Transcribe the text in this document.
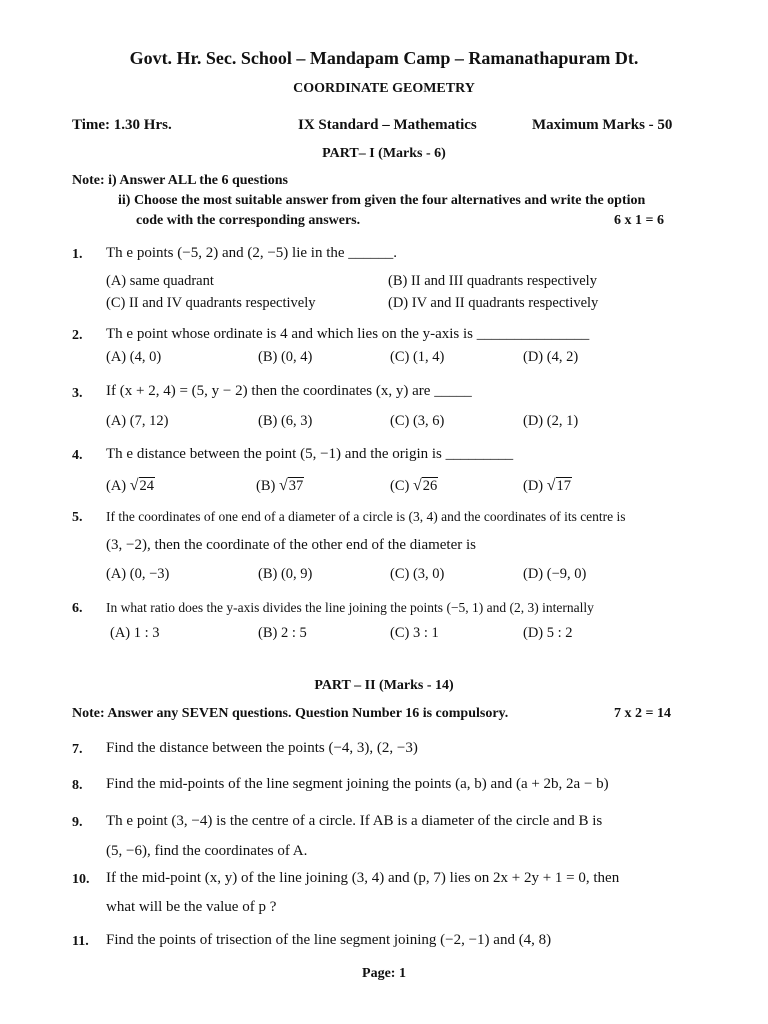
Govt. Hr. Sec. School – Mandapam Camp – Ramanathapuram Dt.
COORDINATE GEOMETRY
Time: 1.30 Hrs.	IX Standard – Mathematics	Maximum Marks - 50
PART– I (Marks - 6)
Note: i) Answer ALL the 6 questions
ii) Choose the most suitable answer from given the four alternatives and write the option
code with the corresponding answers.	6 x 1 = 6
1. Th e points (−5, 2) and (2, −5) lie in the ______.
(A) same quadrant	(B) II and III quadrants respectively
(C) II and IV quadrants respectively	(D) IV and II quadrants respectively
2. Th e point whose ordinate is 4 and which lies on the y-axis is _______________
(A) (4, 0)	(B) (0, 4)	(C) (1, 4)	(D) (4, 2)
3. If (x + 2, 4) = (5, y − 2) then the coordinates (x, y) are _____
(A) (7, 12)	(B) (6, 3)	(C) (3, 6)	(D) (2, 1)
4. Th e distance between the point (5, −1) and the origin is _________
(A) √ 24	(B) √ 37	(C) √ 26	(D) √ 17
5. If the coordinates of one end of a diameter of a circle is (3, 4) and the coordinates of its centre is
(3, −2), then the coordinate of the other end of the diameter is
(A) (0, −3)	(B) (0, 9)	(C) (3, 0)	(D) (−9, 0)
6. In what ratio does the y-axis divides the line joining the points (−5, 1) and (2, 3) internally
(A) 1 : 3	(B) 2 : 5	(C) 3 : 1	(D) 5 : 2
PART – II (Marks - 14)
Note: Answer any SEVEN questions. Question Number 16 is compulsory.	7 x 2 = 14
7. Find the distance between the points (−4, 3), (2, −3)
8. Find the mid-points of the line segment joining the points (a, b) and (a + 2b, 2a − b)
9. Th e point (3, −4) is the centre of a circle. If AB is a diameter of the circle and B is
(5, −6), find the coordinates of A.
10. If the mid-point (x, y) of the line joining (3, 4) and (p, 7) lies on 2x + 2y + 1 = 0, then
what will be the value of p ?
11. Find the points of trisection of the line segment joining (−2, −1) and (4, 8)
Page: 1
